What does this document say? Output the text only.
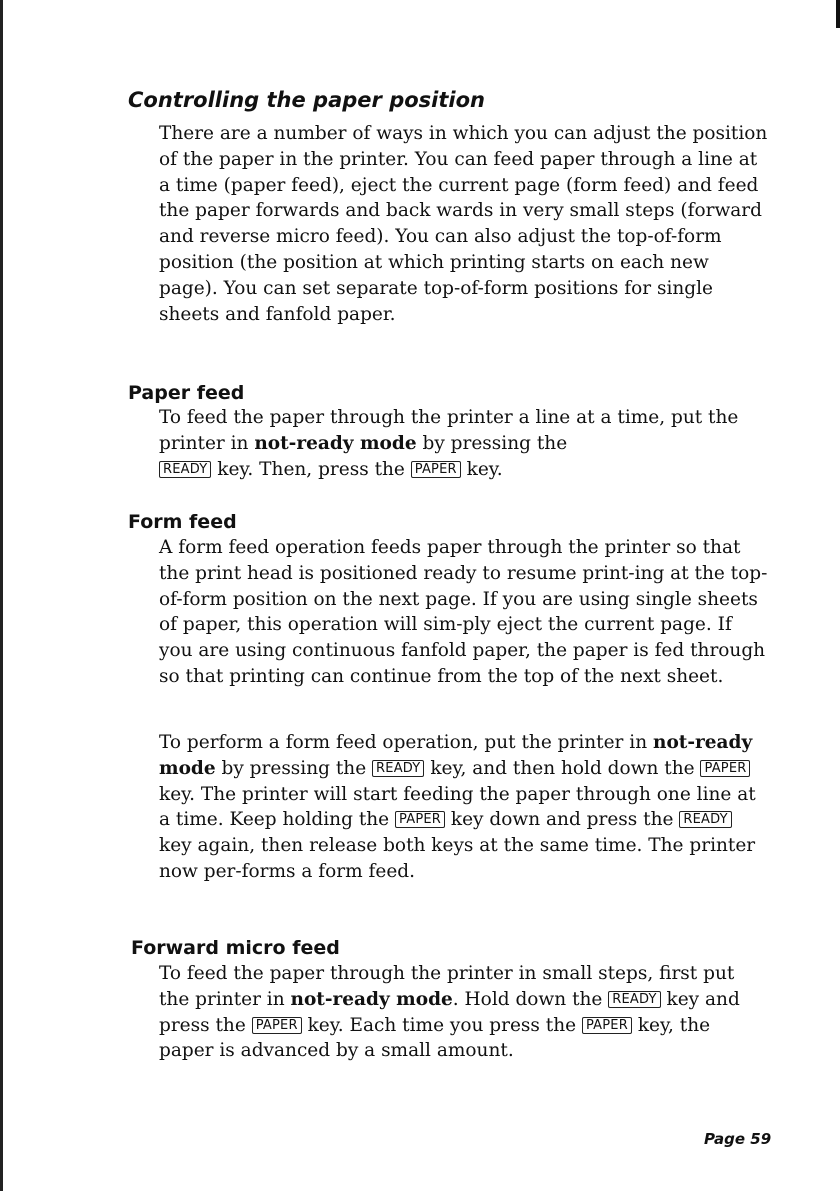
Controlling the paper position

There are a number of ways in which you can adjust the position of the paper in the printer. You can feed paper through a line at a time (paper feed), eject the current page (form feed) and feed the paper forwards and back wards in very small steps (forward and reverse micro feed). You can also adjust the top-of-form position (the position at which printing starts on each new page). You can set separate top-of-form positions for single sheets and fanfold paper.

Paper feed

To feed the paper through the printer a line at a time, put the printer in not-ready mode by pressing the
READY key. Then, press the PAPER key.

Form feed

A form feed operation feeds paper through the printer so that the print head is positioned ready to resume print-ing at the top-of-form position on the next page. If you are using single sheets of paper, this operation will sim-ply eject the current page. If you are using continuous fanfold paper, the paper is fed through so that printing can continue from the top of the next sheet.

To perform a form feed operation, put the printer in not-ready mode by pressing the READY key, and then hold down the PAPER key. The printer will start feeding the paper through one line at a time. Keep holding the PAPER key down and press the READY key again, then release both keys at the same time. The printer now per-forms a form feed.

Forward micro feed

To feed the paper through the printer in small steps, first put the printer in not-ready mode. Hold down the READY key and press the PAPER key. Each time you press the PAPER key, the paper is advanced by a small amount.

Page 59
